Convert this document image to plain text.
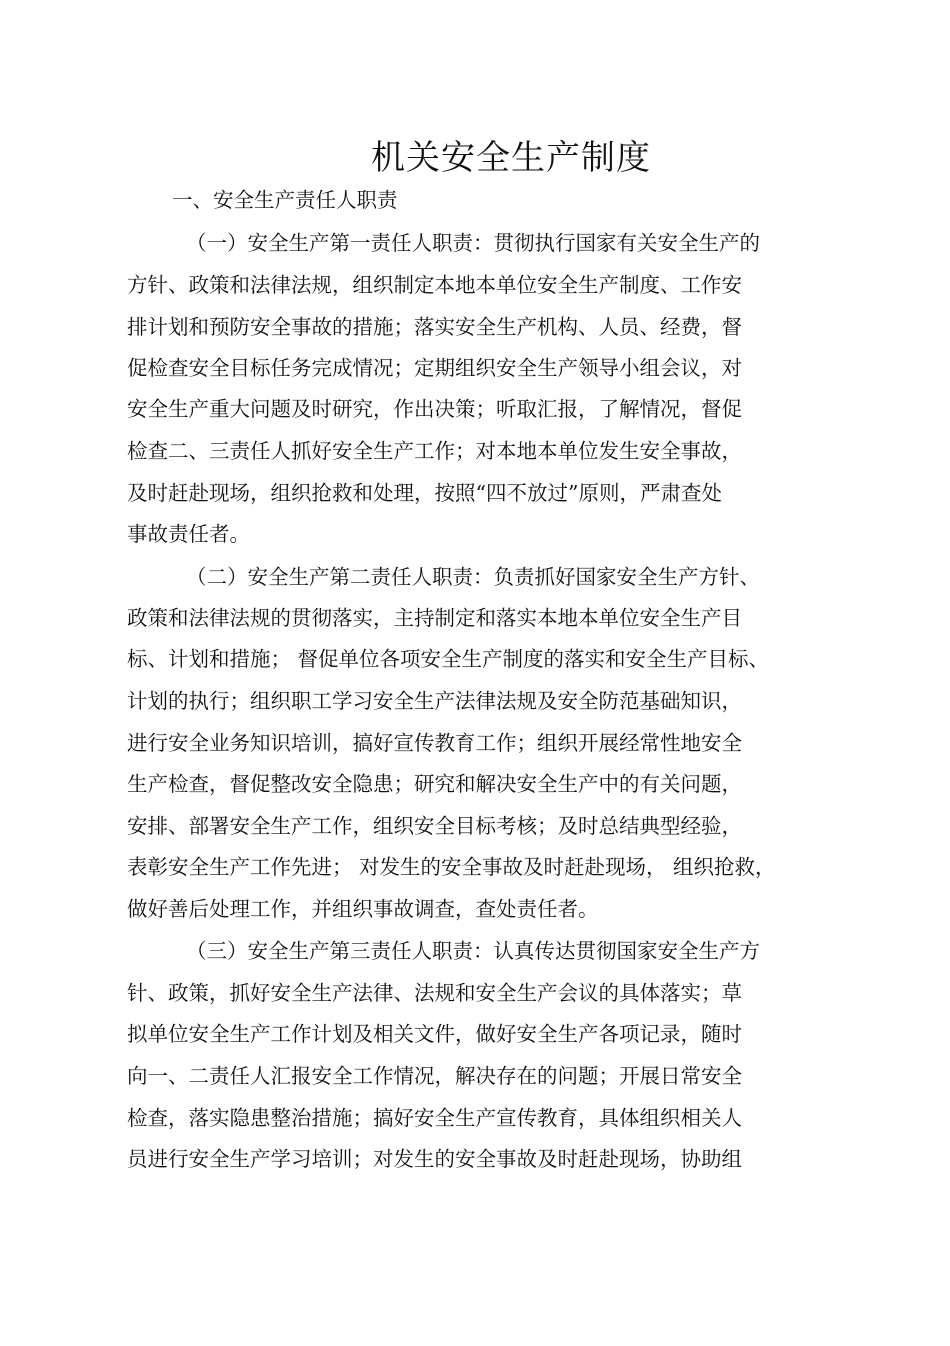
机关安全生产制度
一、安全生产责任人职责
（一）安全生产第一责任人职责：贯彻执行国家有关安全生产的
方针、政策和法律法规，组织制定本地本单位安全生产制度、工作安
排计划和预防安全事故的措施；落实安全生产机构、人员、经费，督
促检查安全目标任务完成情况；定期组织安全生产领导小组会议，对
安全生产重大问题及时研究，作出决策；听取汇报，了解情况，督促
检查二、三责任人抓好安全生产工作；对本地本单位发生安全事故，
及时赶赴现场，组织抢救和处理，按照“四不放过”原则，严肃查处
事故责任者。
（二）安全生产第二责任人职责：负责抓好国家安全生产方针、
政策和法律法规的贯彻落实，主持制定和落实本地本单位安全生产目
标、计划和措施； 督促单位各项安全生产制度的落实和安全生产目标、
计划的执行；组织职工学习安全生产法律法规及安全防范基础知识，
进行安全业务知识培训，搞好宣传教育工作；组织开展经常性地安全
生产检查，督促整改安全隐患；研究和解决安全生产中的有关问题，
安排、部署安全生产工作，组织安全目标考核；及时总结典型经验，
表彰安全生产工作先进； 对发生的安全事故及时赶赴现场， 组织抢救，
做好善后处理工作，并组织事故调查，查处责任者。
（三）安全生产第三责任人职责：认真传达贯彻国家安全生产方
针、政策，抓好安全生产法律、法规和安全生产会议的具体落实；草
拟单位安全生产工作计划及相关文件，做好安全生产各项记录，随时
向一、二责任人汇报安全工作情况，解决存在的问题；开展日常安全
检查，落实隐患整治措施；搞好安全生产宣传教育，具体组织相关人
员进行安全生产学习培训；对发生的安全事故及时赶赴现场，协助组
